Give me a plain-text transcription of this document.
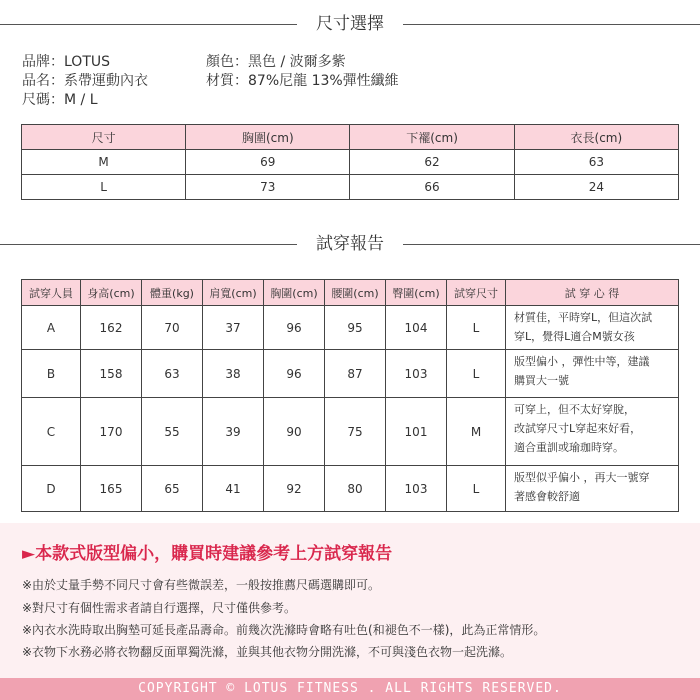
尺寸選擇
品牌：LOTUS	顏色：黑色 / 波爾多紫
品名：系帶運動內衣	材質：87%尼龍 13%彈性纖維
尺碼：M / L
尺寸	胸圍(cm)	下襬(cm)	衣長(cm)
M	69	62	63
L	73	66	24
試穿報告
試穿人員	身高(cm)	體重(kg)	肩寬(cm)	胸圍(cm)	腰圍(cm)	臀圍(cm)	試穿尺寸	試 穿 心 得
A	162	70	37	96	95	104	L	材質佳，平時穿L，但這次試
穿L，覺得L適合M號女孩

B	158	63	38	96	87	103	L	版型偏小 ，彈性中等，建議
購買大一號

C	170	55	39	90	75	101	M	可穿上，但不太好穿脫，
改試穿尺寸L穿起來好看，
適合重訓或瑜珈時穿。

D	165	65	41	92	80	103	L	版型似乎偏小 ，再大一號穿
著感會較舒適
►本款式版型偏小，購買時建議參考上方試穿報告
※由於丈量手勢不同尺寸會有些微誤差，一般按推薦尺碼選購即可。
※對尺寸有個性需求者請自行選擇，尺寸僅供參考。
※內衣水洗時取出胸墊可延長產品壽命。前幾次洗滌時會略有吐色(和褪色不一樣)，此為正常情形。
※衣物下水務必將衣物翻反面單獨洗滌，並與其他衣物分開洗滌，不可與淺色衣物一起洗滌。
COPYRIGHT © LOTUS FITNESS . ALL RIGHTS RESERVED.
